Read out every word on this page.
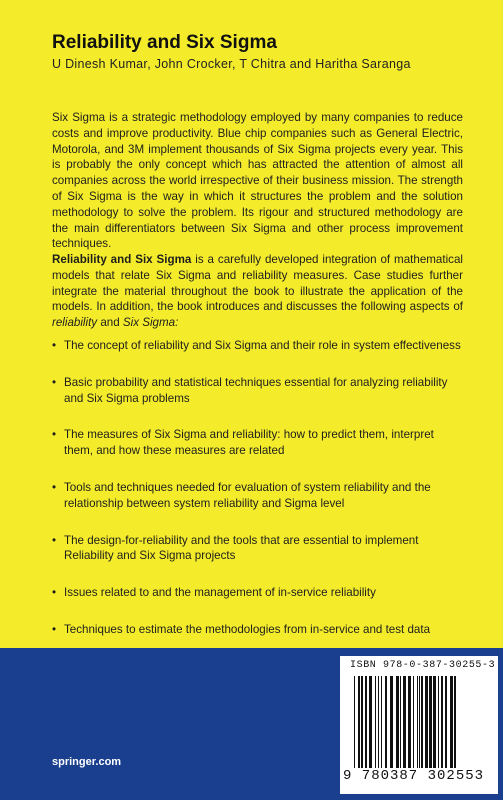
Reliability and Six Sigma
U Dinesh Kumar, John Crocker, T Chitra and Haritha Saranga
Six Sigma is a strategic methodology employed by many companies to reduce costs and improve productivity. Blue chip companies such as General Electric, Motorola, and 3M implement thousands of Six Sigma projects every year. This is probably the only concept which has attracted the attention of almost all companies across the world irrespective of their business mission. The strength of Six Sigma is the way in which it structures the problem and the solution methodology to solve the problem. Its rigour and structured methodology are the main differentiators between Six Sigma and other process improvement techniques.
Reliability and Six Sigma is a carefully developed integration of mathematical models that relate Six Sigma and reliability measures. Case studies further integrate the material throughout the book to illustrate the application of the models. In addition, the book introduces and discusses the following aspects of reliability and Six Sigma:
• The concept of reliability and Six Sigma and their role in system effectiveness
• Basic probability and statistical techniques essential for analyzing reliability and Six Sigma problems
• The measures of Six Sigma and reliability: how to predict them, interpret them, and how these measures are related
• Tools and techniques needed for evaluation of system reliability and the relationship between system reliability and Sigma level
• The design-for-reliability and the tools that are essential to implement Reliability and Six Sigma projects
• Issues related to and the management of in-service reliability
• Techniques to estimate the methodologies from in-service and test data
springer.com
ISBN 978-0-387-30255-3
9 780387 302553
